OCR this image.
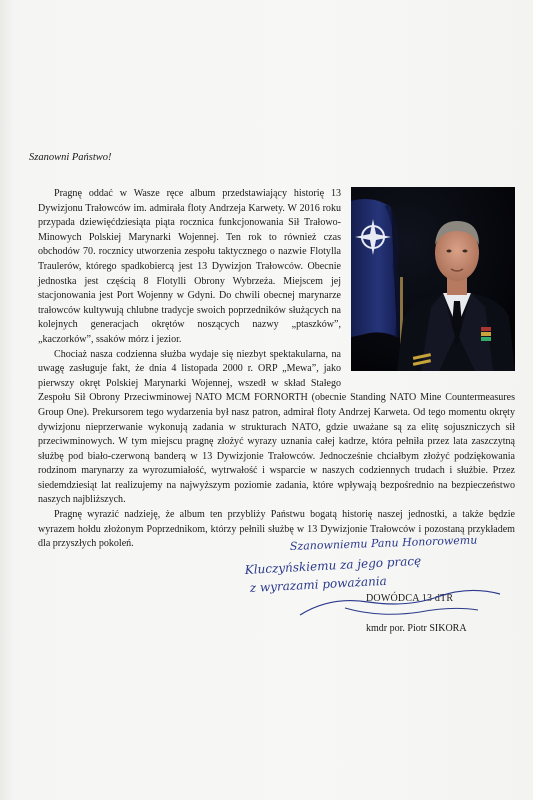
Szanowni Państwo!

Pragnę oddać w Wasze ręce album przedstawiający historię 13 Dywizjonu Trałowców im. admirała floty Andrzeja Karwety. W 2016 roku przypada dziewięćdziesiąta piąta rocznica funkcjonowania Sił Trałowo-Minowych Polskiej Marynarki Wojennej. Ten rok to również czas obchodów 70. rocznicy utworzenia zespołu taktycznego o nazwie Flotylla Traulerów, którego spadkobiercą jest 13 Dywizjon Trałowców. Obecnie jednostka jest częścią 8 Flotylli Obrony Wybrzeża. Miejscem jej stacjonowania jest Port Wojenny w Gdyni. Do chwili obecnej marynarze trałowców kultywują chlubne tradycje swoich poprzedników służących na kolejnych generacjach okrętów noszących nazwy „ptaszków”, „kaczorków”, ssaków mórz i jezior.

Chociaż nasza codzienna służba wydaje się niezbyt spektakularna, na uwagę zasługuje fakt, że dnia 4 listopada 2000 r. ORP „Mewa”, jako pierwszy okręt Polskiej Marynarki Wojennej, wszedł w skład Stałego Zespołu Sił Obrony Przeciwminowej NATO MCM FORNORTH (obecnie Standing NATO Mine Countermeasures Group One). Prekursorem tego wydarzenia był nasz patron, admirał floty Andrzej Karweta. Od tego momentu okręty dywizjonu nieprzerwanie wykonują zadania w strukturach NATO, gdzie uważane są za elitę sojuszniczych sił przeciwminowych. W tym miejscu pragnę złożyć wyrazy uznania całej kadrze, która pełniła przez lata zaszczytną służbę pod biało-czerwoną banderą w 13 Dywizjonie Trałowców. Jednocześnie chciałbym złożyć podziękowania rodzinom marynarzy za wyrozumiałość, wytrwałość i wsparcie w naszych codziennych trudach i służbie. Przez siedemdziesiąt lat realizujemy na najwyższym poziomie zadania, które wpływają bezpośrednio na bezpieczeństwo naszych najbliższych.

Pragnę wyrazić nadzieję, że album ten przybliży Państwu bogatą historię naszej jednostki, a także będzie wyrazem hołdu złożonym Poprzednikom, którzy pełnili służbę w 13 Dywizjonie Trałowców i pozostaną przykładem dla przyszłych pokoleń.

DOWÓDCA 13 dTR
kmdr por. Piotr SIKORA
Szanowniemu Panu Honorowemu
Kluczyńskiemu za jego pracę
z wyrazami poważania
